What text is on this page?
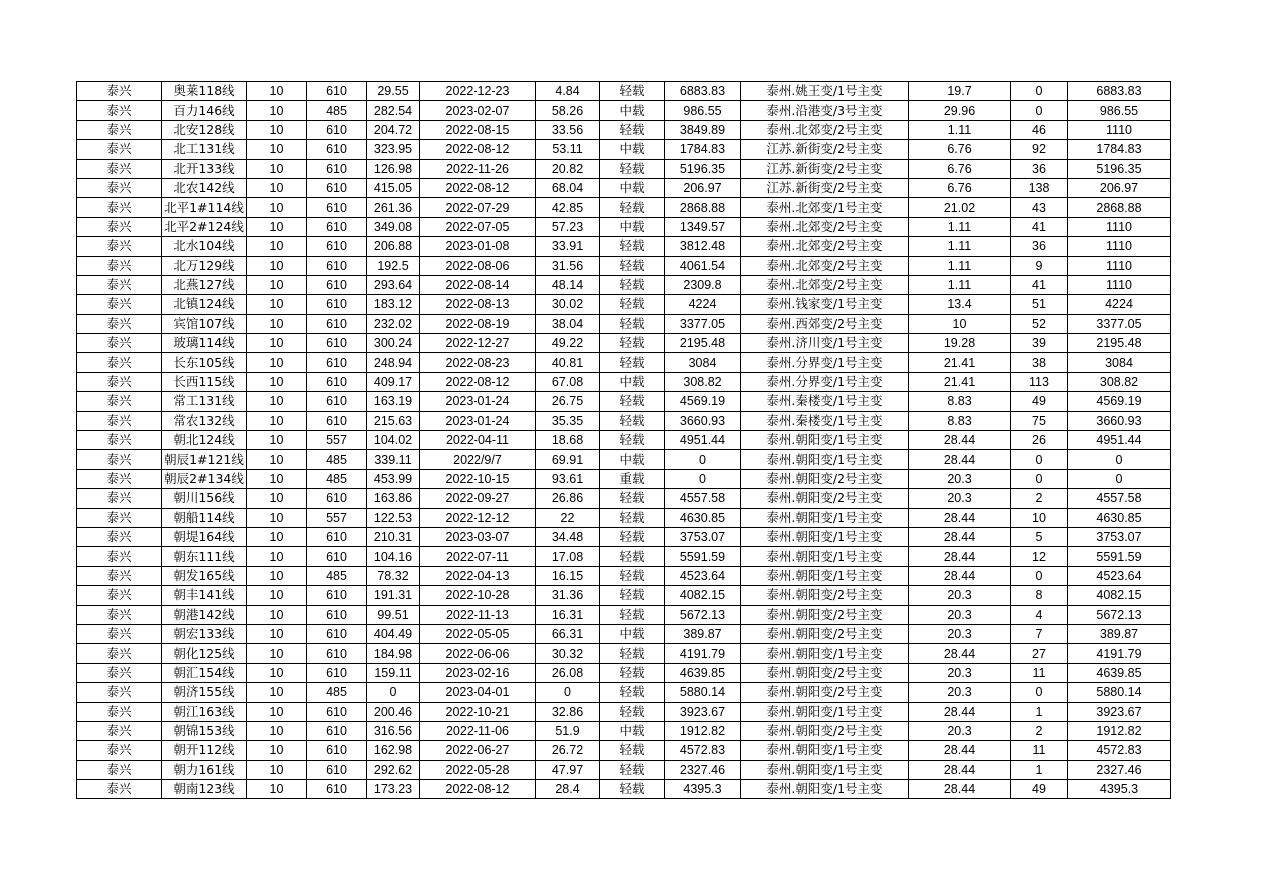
泰兴	奥莱118线	10	610	29.55	2022-12-23	4.84	轻载	6883.83	泰州.姚王变/1号主变	19.7	0	6883.83
泰兴	百力146线	10	485	282.54	2023-02-07	58.26	中载	986.55	泰州.沿港变/3号主变	29.96	0	986.55
泰兴	北安128线	10	610	204.72	2022-08-15	33.56	轻载	3849.89	泰州.北郊变/2号主变	1.11	46	1110
泰兴	北工131线	10	610	323.95	2022-08-12	53.11	中载	1784.83	江苏.新街变/2号主变	6.76	92	1784.83
泰兴	北开133线	10	610	126.98	2022-11-26	20.82	轻载	5196.35	江苏.新街变/2号主变	6.76	36	5196.35
泰兴	北农142线	10	610	415.05	2022-08-12	68.04	中载	206.97	江苏.新街变/2号主变	6.76	138	206.97
泰兴	北平1#114线	10	610	261.36	2022-07-29	42.85	轻载	2868.88	泰州.北郊变/1号主变	21.02	43	2868.88
泰兴	北平2#124线	10	610	349.08	2022-07-05	57.23	中载	1349.57	泰州.北郊变/2号主变	1.11	41	1110
泰兴	北水104线	10	610	206.88	2023-01-08	33.91	轻载	3812.48	泰州.北郊变/2号主变	1.11	36	1110
泰兴	北万129线	10	610	192.5	2022-08-06	31.56	轻载	4061.54	泰州.北郊变/2号主变	1.11	9	1110
泰兴	北燕127线	10	610	293.64	2022-08-14	48.14	轻载	2309.8	泰州.北郊变/2号主变	1.11	41	1110
泰兴	北镇124线	10	610	183.12	2022-08-13	30.02	轻载	4224	泰州.钱家变/1号主变	13.4	51	4224
泰兴	宾馆107线	10	610	232.02	2022-08-19	38.04	轻载	3377.05	泰州.西郊变/2号主变	10	52	3377.05
泰兴	玻璃114线	10	610	300.24	2022-12-27	49.22	轻载	2195.48	泰州.济川变/1号主变	19.28	39	2195.48
泰兴	长东105线	10	610	248.94	2022-08-23	40.81	轻载	3084	泰州.分界变/1号主变	21.41	38	3084
泰兴	长西115线	10	610	409.17	2022-08-12	67.08	中载	308.82	泰州.分界变/1号主变	21.41	113	308.82
泰兴	常工131线	10	610	163.19	2023-01-24	26.75	轻载	4569.19	泰州.秦楼变/1号主变	8.83	49	4569.19
泰兴	常农132线	10	610	215.63	2023-01-24	35.35	轻载	3660.93	泰州.秦楼变/1号主变	8.83	75	3660.93
泰兴	朝北124线	10	557	104.02	2022-04-11	18.68	轻载	4951.44	泰州.朝阳变/1号主变	28.44	26	4951.44
泰兴	朝辰1#121线	10	485	339.11	2022/9/7	69.91	中载	0	泰州.朝阳变/1号主变	28.44	0	0
泰兴	朝辰2#134线	10	485	453.99	2022-10-15	93.61	重载	0	泰州.朝阳变/2号主变	20.3	0	0
泰兴	朝川156线	10	610	163.86	2022-09-27	26.86	轻载	4557.58	泰州.朝阳变/2号主变	20.3	2	4557.58
泰兴	朝船114线	10	557	122.53	2022-12-12	22	轻载	4630.85	泰州.朝阳变/1号主变	28.44	10	4630.85
泰兴	朝堤164线	10	610	210.31	2023-03-07	34.48	轻载	3753.07	泰州.朝阳变/1号主变	28.44	5	3753.07
泰兴	朝东111线	10	610	104.16	2022-07-11	17.08	轻载	5591.59	泰州.朝阳变/1号主变	28.44	12	5591.59
泰兴	朝发165线	10	485	78.32	2022-04-13	16.15	轻载	4523.64	泰州.朝阳变/1号主变	28.44	0	4523.64
泰兴	朝丰141线	10	610	191.31	2022-10-28	31.36	轻载	4082.15	泰州.朝阳变/2号主变	20.3	8	4082.15
泰兴	朝港142线	10	610	99.51	2022-11-13	16.31	轻载	5672.13	泰州.朝阳变/2号主变	20.3	4	5672.13
泰兴	朝宏133线	10	610	404.49	2022-05-05	66.31	中载	389.87	泰州.朝阳变/2号主变	20.3	7	389.87
泰兴	朝化125线	10	610	184.98	2022-06-06	30.32	轻载	4191.79	泰州.朝阳变/1号主变	28.44	27	4191.79
泰兴	朝汇154线	10	610	159.11	2023-02-16	26.08	轻载	4639.85	泰州.朝阳变/2号主变	20.3	11	4639.85
泰兴	朝济155线	10	485	0	2023-04-01	0	轻载	5880.14	泰州.朝阳变/2号主变	20.3	0	5880.14
泰兴	朝江163线	10	610	200.46	2022-10-21	32.86	轻载	3923.67	泰州.朝阳变/1号主变	28.44	1	3923.67
泰兴	朝锦153线	10	610	316.56	2022-11-06	51.9	中载	1912.82	泰州.朝阳变/2号主变	20.3	2	1912.82
泰兴	朝开112线	10	610	162.98	2022-06-27	26.72	轻载	4572.83	泰州.朝阳变/1号主变	28.44	11	4572.83
泰兴	朝力161线	10	610	292.62	2022-05-28	47.97	轻载	2327.46	泰州.朝阳变/1号主变	28.44	1	2327.46
泰兴	朝南123线	10	610	173.23	2022-08-12	28.4	轻载	4395.3	泰州.朝阳变/1号主变	28.44	49	4395.3
